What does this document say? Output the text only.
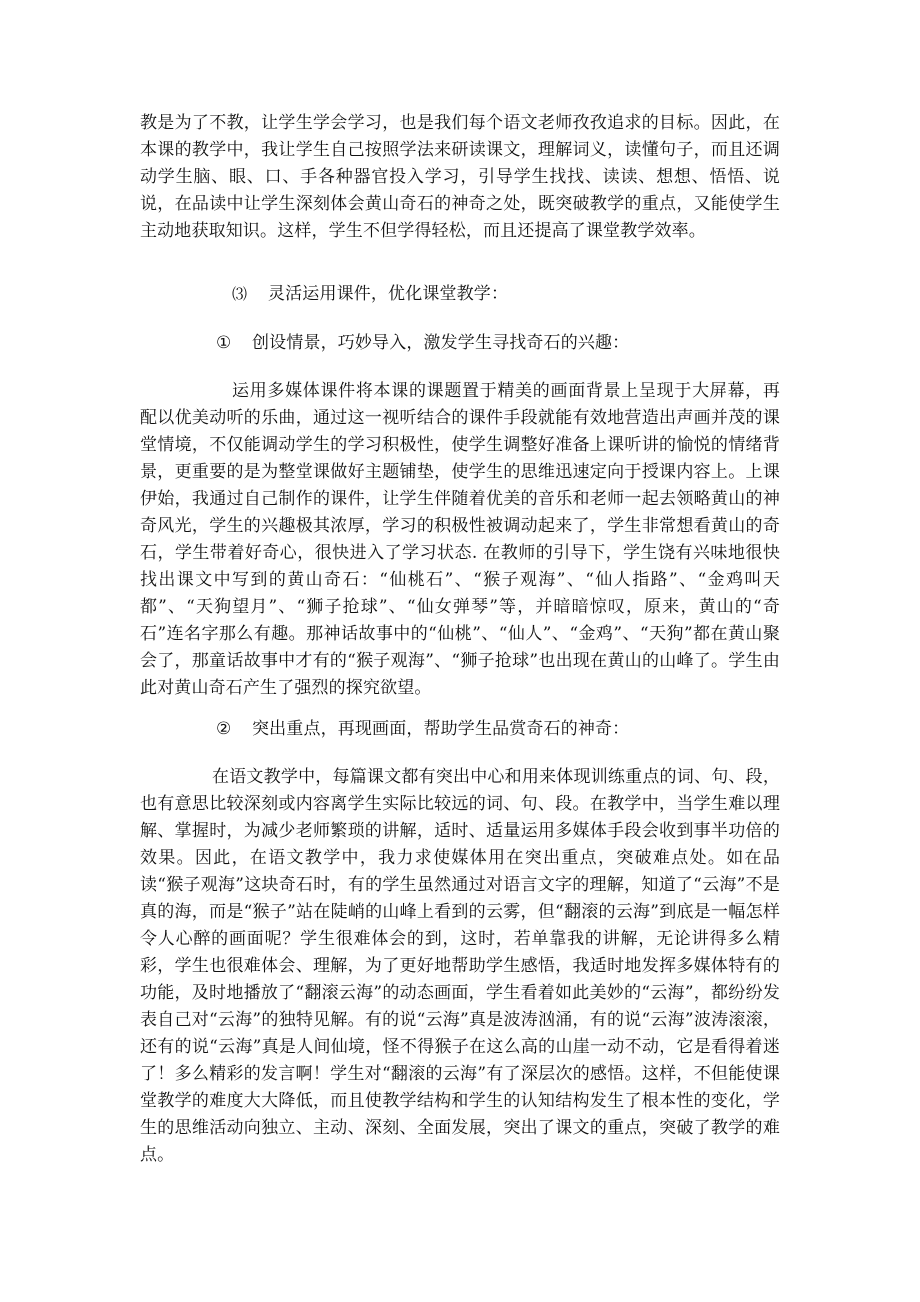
教是为了不教，让学生学会学习，也是我们每个语文老师孜孜追求的目标。因此，在本课的教学中，我让学生自己按照学法来研读课文，理解词义，读懂句子，而且还调动学生脑、眼、口、手各种器官投入学习，引导学生找找、读读、想想、悟悟、说说，在品读中让学生深刻体会黄山奇石的神奇之处，既突破教学的重点，又能使学生主动地获取知识。这样，学生不但学得轻松，而且还提高了课堂教学效率。

⑶ 灵活运用课件，优化课堂教学：

① 创设情景，巧妙导入，激发学生寻找奇石的兴趣：

运用多媒体课件将本课的课题置于精美的画面背景上呈现于大屏幕，再配以优美动听的乐曲，通过这一视听结合的课件手段就能有效地营造出声画并茂的课堂情境，不仅能调动学生的学习积极性，使学生调整好准备上课听讲的愉悦的情绪背景，更重要的是为整堂课做好主题铺垫，使学生的思维迅速定向于授课内容上。上课伊始，我通过自己制作的课件，让学生伴随着优美的音乐和老师一起去领略黄山的神奇风光，学生的兴趣极其浓厚，学习的积极性被调动起来了，学生非常想看黄山的奇石，学生带着好奇心，很快进入了学习状态. 在教师的引导下，学生饶有兴味地很快找出课文中写到的黄山奇石：“仙桃石”、“猴子观海”、“仙人指路”、“金鸡叫天都”、“天狗望月”、“狮子抢球”、“仙女弹琴”等，并暗暗惊叹，原来，黄山的“奇石”连名字那么有趣。那神话故事中的“仙桃”、“仙人”、“金鸡”、“天狗”都在黄山聚会了，那童话故事中才有的“猴子观海”、“狮子抢球”也出现在黄山的山峰了。学生由此对黄山奇石产生了强烈的探究欲望。

② 突出重点，再现画面，帮助学生品赏奇石的神奇：

在语文教学中，每篇课文都有突出中心和用来体现训练重点的词、句、段，也有意思比较深刻或内容离学生实际比较远的词、句、段。在教学中，当学生难以理解、掌握时，为减少老师繁琐的讲解，适时、适量运用多媒体手段会收到事半功倍的效果。因此，在语文教学中，我力求使媒体用在突出重点，突破难点处。如在品读“猴子观海”这块奇石时，有的学生虽然通过对语言文字的理解，知道了“云海”不是真的海，而是“猴子”站在陡峭的山峰上看到的云雾，但“翻滚的云海”到底是一幅怎样令人心醉的画面呢？学生很难体会的到，这时，若单靠我的讲解，无论讲得多么精彩，学生也很难体会、理解，为了更好地帮助学生感悟，我适时地发挥多媒体特有的功能，及时地播放了“翻滚云海”的动态画面，学生看着如此美妙的“云海”，都纷纷发表自己对“云海”的独特见解。有的说“云海”真是波涛汹涌，有的说“云海”波涛滚滚，还有的说“云海”真是人间仙境，怪不得猴子在这么高的山崖一动不动，它是看得着迷了！多么精彩的发言啊！学生对“翻滚的云海”有了深层次的感悟。这样，不但能使课堂教学的难度大大降低，而且使教学结构和学生的认知结构发生了根本性的变化，学生的思维活动向独立、主动、深刻、全面发展，突出了课文的重点，突破了教学的难点。
